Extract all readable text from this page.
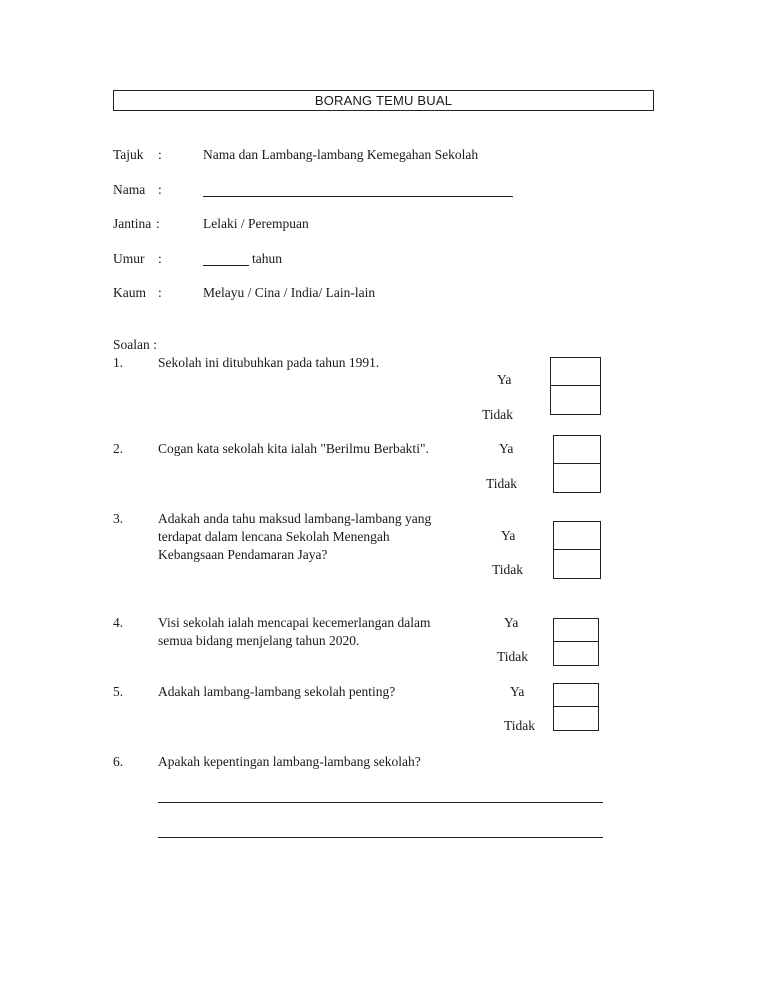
BORANG TEMU BUAL
Tajuk :	Nama dan Lambang-lambang Kemegahan Sekolah
Nama :
Jantina :	Lelaki / Perempuan
Umur :	tahun
Kaum :	Melayu / Cina / India/ Lain-lain
Soalan :
1.	Sekolah ini ditubuhkan pada tahun 1991.
Ya
Tidak
2.	Cogan kata sekolah kita ialah "Berilmu Berbakti".	Ya
Tidak
3.	Adakah anda tahu maksud lambang-lambang yang
terdapat dalam lencana Sekolah Menengah
Kebangsaan Pendamaran Jaya?
Ya
Tidak
4.	Visi sekolah ialah mencapai kecemerlangan dalam
semua bidang menjelang tahun 2020.
Ya
Tidak
5.	Adakah lambang-lambang sekolah penting?	Ya
Tidak
6.	Apakah kepentingan lambang-lambang sekolah?
